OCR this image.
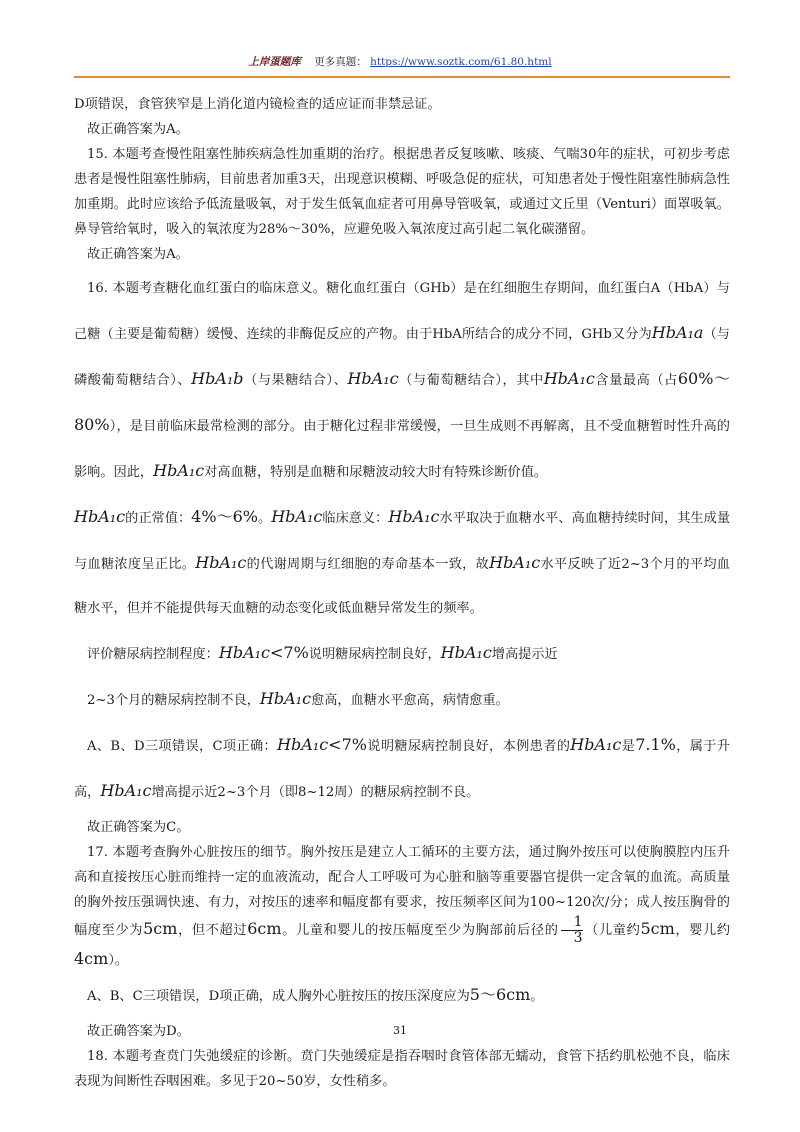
上岸蛋题库 更多真题： https://www.soztk.com/61.80.html

D项错误，食管狭窄是上消化道内镜检查的适应证而非禁忌证。

故正确答案为A。

15. 本题考查慢性阻塞性肺疾病急性加重期的治疗。根据患者反复咳嗽、咳痰、气喘30年的症状，可初步考虑患者是慢性阻塞性肺病，目前患者加重3天，出现意识模糊、呼吸急促的症状，可知患者处于慢性阻塞性肺病急性加重期。此时应该给予低流量吸氧，对于发生低氧血症者可用鼻导管吸氧，或通过文丘里（Venturi）面罩吸氧。鼻导管给氧时，吸入的氧浓度为28%～30%，应避免吸入氧浓度过高引起二氧化碳潴留。

故正确答案为A。

16. 本题考查糖化血红蛋白的临床意义。糖化血红蛋白（GHb）是在红细胞生存期间，血红蛋白A（HbA）与己糖（主要是葡萄糖）缓慢、连续的非酶促反应的产物。由于HbA所结合的成分不同，GHb又分为HbA₁a（与磷酸葡萄糖结合）、HbA₁b（与果糖结合）、HbA₁c（与葡萄糖结合），其中HbA₁c含量最高（占60%～80%），是目前临床最常检测的部分。由于糖化过程非常缓慢，一旦生成则不再解离，且不受血糖暂时性升高的影响。因此，HbA₁c对高血糖，特别是血糖和尿糖波动较大时有特殊诊断价值。

HbA₁c的正常值：4%～6%。HbA₁c临床意义：HbA₁c水平取决于血糖水平、高血糖持续时间，其生成量与血糖浓度呈正比。HbA₁c的代谢周期与红细胞的寿命基本一致，故HbA₁c水平反映了近2~3个月的平均血糖水平，但并不能提供每天血糖的动态变化或低血糖异常发生的频率。

评价糖尿病控制程度：HbA₁c<7%说明糖尿病控制良好，HbA₁c增高提示近

2~3个月的糖尿病控制不良，HbA₁c愈高，血糖水平愈高，病情愈重。

A、B、D三项错误，C项正确：HbA₁c<7%说明糖尿病控制良好，本例患者的HbA₁c是7.1%，属于升高，HbA₁c增高提示近2~3个月（即8~12周）的糖尿病控制不良。

故正确答案为C。

17. 本题考查胸外心脏按压的细节。胸外按压是建立人工循环的主要方法，通过胸外按压可以使胸膜腔内压升高和直接按压心脏而维持一定的血液流动，配合人工呼吸可为心脏和脑等重要器官提供一定含氧的血流。高质量的胸外按压强调快速、有力，对按压的速率和幅度都有要求，按压频率区间为100~120次/分；成人按压胸骨的幅度至少为5cm，但不超过6cm。儿童和婴儿的按压幅度至少为胸部前后径的 $\frac{1}{3}$ （儿童约5cm，婴儿约4cm）。

A、B、C三项错误，D项正确，成人胸外心脏按压的按压深度应为5～6cm。

故正确答案为D。

18. 本题考查贲门失弛缓症的诊断。贲门失弛缓症是指吞咽时食管体部无蠕动，食管下括约肌松弛不良，临床表现为间断性吞咽困难。多见于20~50岁，女性稍多。

31
